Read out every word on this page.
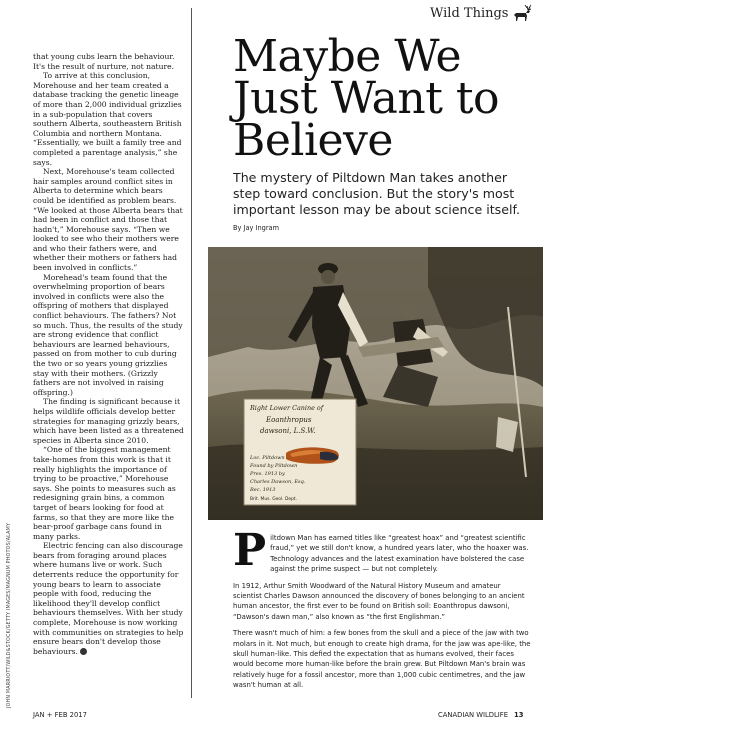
Wild Things

that young cubs learn the behaviour. It's the result of nurture, not nature.

To arrive at this conclusion, Morehouse and her team created a database tracking the genetic lineage of more than 2,000 individual grizzlies in a sub-population that covers southern Alberta, southeastern British Columbia and northern Montana. “Essentially, we built a family tree and completed a parentage analysis,” she says.

Next, Morehouse's team collected hair samples around conflict sites in Alberta to determine which bears could be identified as problem bears. “We looked at those Alberta bears that had been in conflict and those that hadn't,” Morehouse says. “Then we looked to see who their mothers were and who their fathers were, and whether their mothers or fathers had been involved in conflicts.”

Morehead's team found that the overwhelming proportion of bears involved in conflicts were also the offspring of mothers that displayed conflict behaviours. The fathers? Not so much. Thus, the results of the study are strong evidence that conflict behaviours are learned behaviours, passed on from mother to cub during the two or so years young grizzlies stay with their mothers. (Grizzly fathers are not involved in raising offspring.)

The finding is significant because it helps wildlife officials develop better strategies for managing grizzly bears, which have been listed as a threatened species in Alberta since 2010.

“One of the biggest management take-homes from this work is that it really highlights the importance of trying to be proactive,” Morehouse says. She points to measures such as redesigning grain bins, a common target of bears looking for food at farms, so that they are more like the bear-proof garbage cans found in many parks.

Electric fencing can also discourage bears from foraging around places where humans live or work. Such deterrents reduce the opportunity for young bears to learn to associate people with food, reducing the likelihood they'll develop conflict behaviours themselves. With her study complete, Morehouse is now working with communities on strategies to help ensure bears don't develop those behaviours.

JOHN MARRIOTT/WILD&STOCK/GETTY IMAGES/MAGNUM PHOTOS/ALAMY
Maybe We
Just Want to
Believe

The mystery of Piltdown Man takes another step toward conclusion. But the story's most important lesson may be about science itself.

By Jay Ingram

Right Lower Canine of
Eoanthropus
dawsoni, L.S.W.
Loc. Piltdown
Found by Piltdown
Pres. 1913 by
Charles Dawson, Esq.
Rec. 1913
Brit. Mus. Geol. Dept.

Charles Dawson (left) during excavation work and (overlay) the lower right canine of Piltdown Man.

Piltdown Man has earned titles like “greatest hoax” and “greatest scientific fraud,” yet we still don't know, a hundred years later, who the hoaxer was. Technology advances and the latest examination have bolstered the case against the prime suspect — but not completely.

In 1912, Arthur Smith Woodward of the Natural History Museum and amateur scientist Charles Dawson announced the discovery of bones belonging to an ancient human ancestor, the first ever to be found on British soil: Eoanthropus dawsoni, “Dawson's dawn man,” also known as “the first Englishman.”

There wasn't much of him: a few bones from the skull and a piece of the jaw with two molars in it. Not much, but enough to create high drama, for the jaw was ape-like, the skull human-like. This defied the expectation that as humans evolved, their faces would become more human-like before the brain grew. But Piltdown Man's brain was relatively huge for a fossil ancestor, more than 1,000 cubic centimetres, and the jaw wasn't human at all.

JAN + FEB 2017	CANADIAN WILDLIFE 13
